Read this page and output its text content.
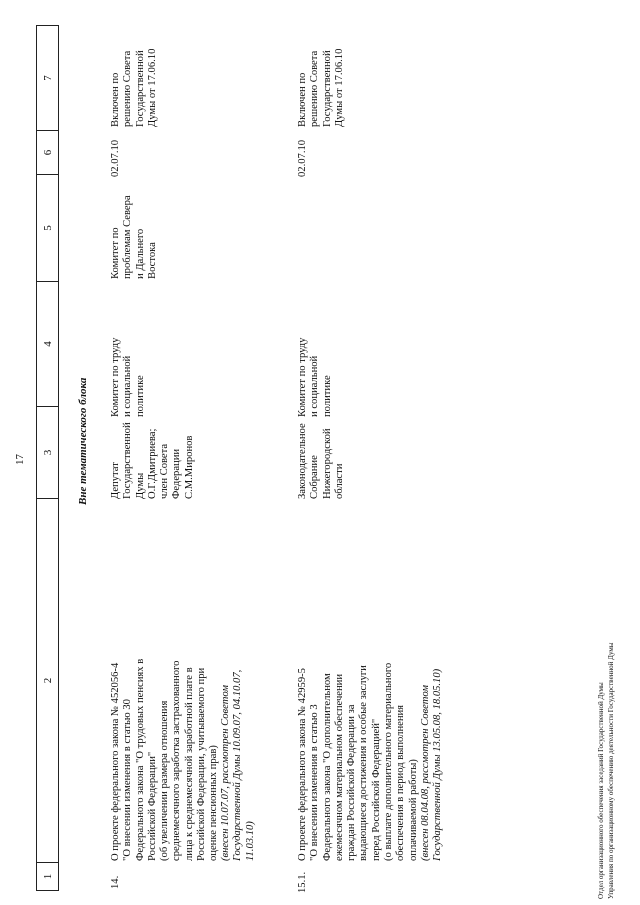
17
1
2
3
4
5
6
7
Вне тематического блока
14.
О проекте федерального закона № 452056-4
"О внесении изменения в статью 30
Федерального закона "О трудовых пенсиях в
Российской Федерации"
(об увеличении размера отношения
среднемесячного заработка застрахованного
лица к среднемесячной заработной плате в
Российской Федерации, учитываемого при
оценке пенсионных прав)
(внесен 10.07.07, рассмотрен Советом
Государственной Думы 10.09.07, 04.10.07,
11.03.10)
Депутат
Государственной
Думы
О.Г.Дмитриева;
член Совета
Федерации
С.М.Миронов
Комитет по труду
и социальной
политике
Комитет по
проблемам Севера
и Дальнего
Востока
02.07.10
Включен по
решению Совета
Государственной
Думы от 17.06.10
15.1.
О проекте федерального закона № 42959-5
"О внесении изменения в статью 3
Федерального закона "О дополнительном
ежемесячном материальном обеспечении
граждан Российской Федерации за
выдающиеся достижения и особые заслуги
перед Российской Федерацией"
(о выплате дополнительного материального
обеспечения в период выполнения
оплачиваемой работы)
(внесен 08.04.08, рассмотрен Советом
Государственной Думы 13.05.08, 18.05.10)
Законодательное
Собрание
Нижегородской
области
Комитет по труду
и социальной
политике
02.07.10
Включен по
решению Совета
Государственной
Думы от 17.06.10
Отдел организационного обеспечения заседаний Государственной Думы Управления по организационному обеспечению деятельности Государственной Думы
